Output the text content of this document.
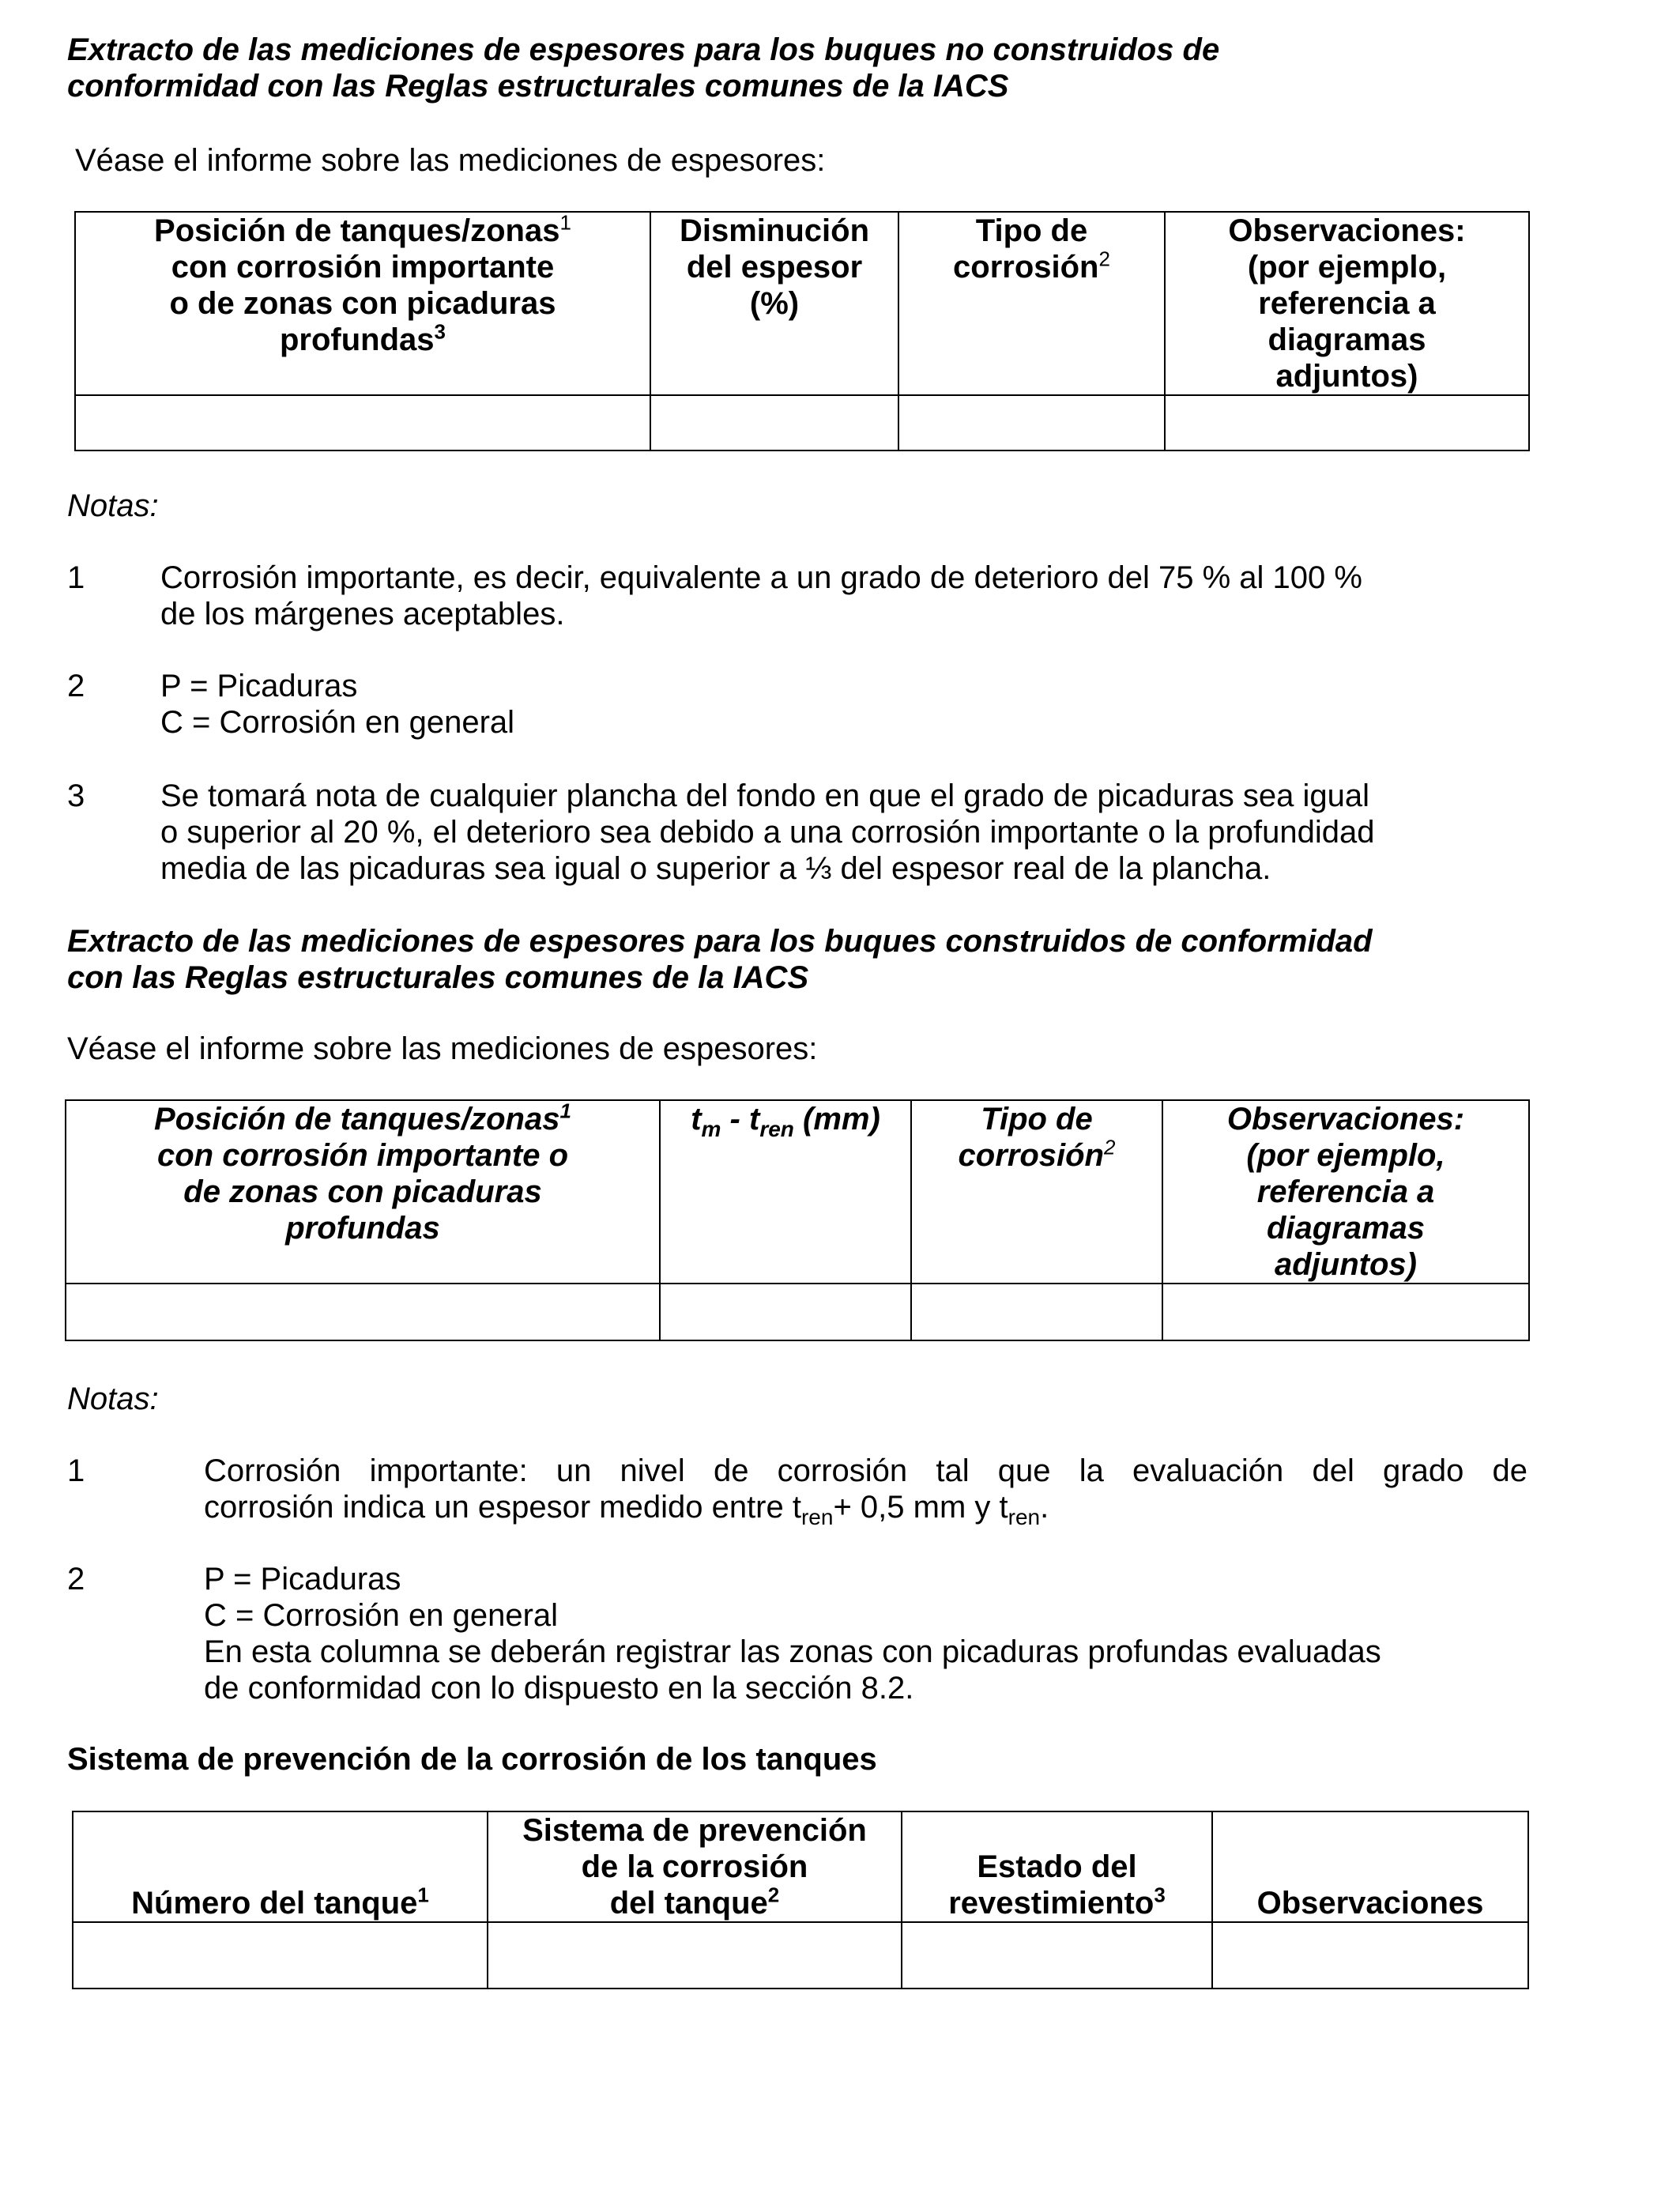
Extracto de las mediciones de espesores para los buques no construidos de
conformidad con las Reglas estructurales comunes de la IACS
Véase el informe sobre las mediciones de espesores:
Posición de tanques/zonas$^1$
con corrosión importante
o de zonas con picaduras
profundas$^3$	Disminución
del espesor
(%)	Tipo de
corrosión$^2$	Observaciones:
(por ejemplo,
referencia a
diagramas
adjuntos)

Notas:
1 Corrosión importante, es decir, equivalente a un grado de deterioro del 75 % al 100 %
de los márgenes aceptables.
2 P = Picaduras
C = Corrosión en general
3 Se tomará nota de cualquier plancha del fondo en que el grado de picaduras sea igual
o superior al 20 %, el deterioro sea debido a una corrosión importante o la profundidad
media de las picaduras sea igual o superior a ⅓ del espesor real de la plancha.
Extracto de las mediciones de espesores para los buques construidos de conformidad
con las Reglas estructurales comunes de la IACS
Véase el informe sobre las mediciones de espesores:
Posición de tanques/zonas$^1$
con corrosión importante o
de zonas con picaduras
profundas	$t_m - t_{ren}$ (mm)	Tipo de
corrosión$^2$	Observaciones:
(por ejemplo,
referencia a
diagramas
adjuntos)

Notas:
1	Corrosión importante: un nivel de corrosión tal que la evaluación del grado de
corrosión indica un espesor medido entre $t_{ren}+ 0,5$ mm y $t_{ren}$.
2	P = Picaduras
C = Corrosión en general
En esta columna se deberán registrar las zonas con picaduras profundas evaluadas
de conformidad con lo dispuesto en la sección 8.2.
Sistema de prevención de la corrosión de los tanques
Número del tanque$^1$	Sistema de prevención
de la corrosión
del tanque$^2$	Estado del
revestimiento$^3$	Observaciones
